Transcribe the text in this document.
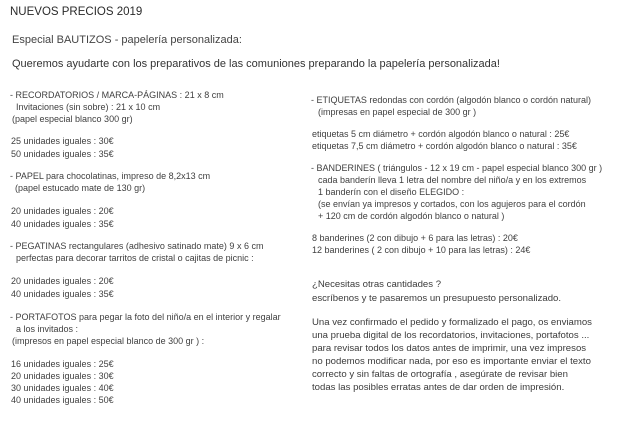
NUEVOS PRECIOS 2019
Especial BAUTIZOS - papelería personalizada:
Queremos ayudarte con los preparativos de las comuniones preparando la papelería personalizada!
- RECORDATORIOS / MARCA-PÁGINAS : 21 x 8 cm
Invitaciones (sin sobre) : 21 x 10 cm
(papel especial blanco 300 gr)
25 unidades iguales : 30€
50 unidades iguales : 35€
- PAPEL para chocolatinas, impreso de 8,2x13 cm
(papel estucado mate de 130 gr)
20 unidades iguales : 20€
40 unidades iguales : 35€
- PEGATINAS rectangulares (adhesivo satinado mate) 9 x 6 cm
perfectas para decorar tarritos de cristal o cajitas de picnic :
20 unidades iguales : 20€
40 unidades iguales : 35€
- PORTAFOTOS para pegar la foto del niño/a en el interior y regalar
a los invitados :
(impresos en papel especial blanco de 300 gr ) :
16 unidades iguales : 25€
20 unidades iguales : 30€
30 unidades iguales : 40€
40 unidades iguales : 50€
- ETIQUETAS redondas con cordón (algodón blanco o cordón natural)
(impresas en papel especial de 300 gr )
etiquetas 5 cm diámetro + cordón algodón blanco o natural : 25€
etiquetas 7,5 cm diámetro + cordón algodón blanco o natural : 35€
- BANDERINES ( triángulos - 12 x 19 cm - papel especial blanco 300 gr )
cada banderín lleva 1 letra del nombre del niño/a y en los extremos
1 banderín con el diseño ELEGIDO :
(se envían ya impresos y cortados, con los agujeros para el cordón
+ 120 cm de cordón algodón blanco o natural )
8 banderines (2 con dibujo + 6 para las letras) : 20€
12 banderines ( 2 con dibujo + 10 para las letras) : 24€
¿Necesitas otras cantidades ?
escríbenos y te pasaremos un presupuesto personalizado.
Una vez confirmado el pedido y formalizado el pago, os enviamos
una prueba digital de los recordatorios, invitaciones, portafotos ...
para revisar todos los datos antes de imprimir, una vez impresos
no podemos modificar nada, por eso es importante enviar el texto
correcto y sin faltas de ortografía , asegúrate de revisar bien
todas las posibles erratas antes de dar orden de impresión.
